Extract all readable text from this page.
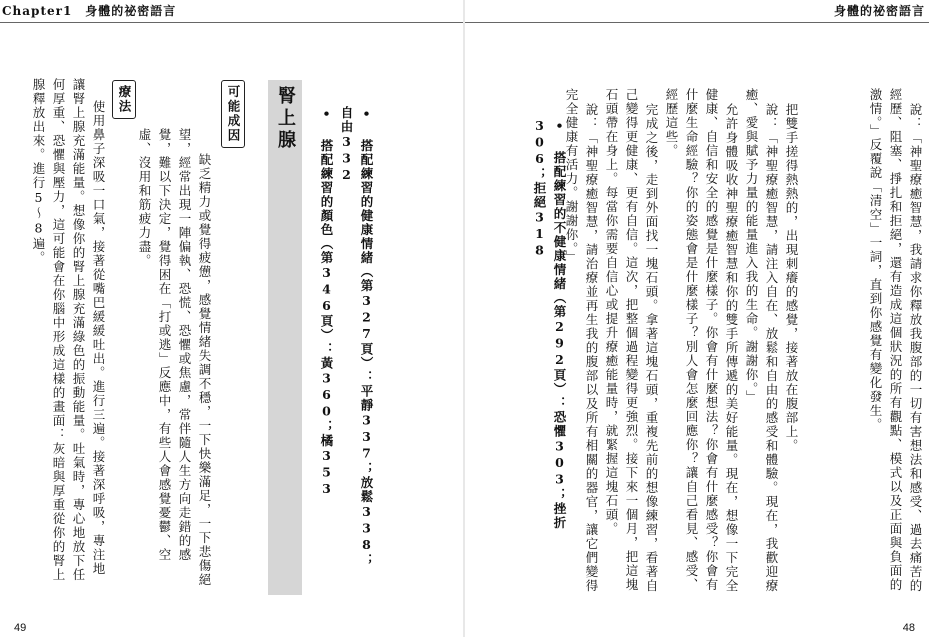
Chapter1　身體的祕密語言
腎上腺	• 搭配練習的健康情緒（第327頁）：平靜337；放鬆338；自由332
• 搭配練習的顏色（第346頁）：黃360；橘353
可能成因
缺乏精力或覺得疲憊，感覺情緒失調不穩，一下快樂滿足，一下悲傷絕望，經常出現一陣偏執、恐慌、恐懼或焦慮，常伴隨人生方向走錯的感覺，難以下決定，覺得困在「打或逃」反應中，有些人會感覺憂鬱、空虛、沒用和筋疲力盡。
療法
使用鼻子深吸一口氣，接著從嘴巴緩緩吐出。進行三遍。接著深呼吸，專注地讓腎上腺充滿能量。想像你的腎上腺充滿綠色的振動能量。吐氣時，專心地放下任何厚重、恐懼與壓力，這可能會在你腦中形成這樣的畫面：灰暗與厚重從你的腎上腺釋放出來。進行5～8遍。
49
身體的祕密語言
說：「神聖療癒智慧，我請求你釋放我腹部的一切有害想法和感受、過去痛苦的經歷、阻塞、掙扎和拒絕，還有造成這個狀況的所有觀點、模式以及正面與負面的激情。」反覆說「清空」一詞，直到你感覺有變化發生。
把雙手搓得熱熱的，出現刺癢的感覺，接著放在腹部上。
說：「神聖療癒智慧，請注入自在、放鬆和自由的感受和體驗。現在，我歡迎療癒、愛與賦予力量的能量進入我的生命。謝謝你。」
允許身體吸收神聖療癒智慧和你的雙手所傳遞的美好能量。現在，想像一下完全健康、自信和安全的感覺是什麼樣子。你會有什麼想法？你會有什麼感受？你會有什麼生命經驗？你的姿態會是什麼樣子？別人會怎麼回應你？讓自己看見、感受、經歷這些。
完成之後，走到外面找一塊石頭。拿著這塊石頭，重複先前的想像練習，看著自己變得更健康、更有自信。這次，把整個過程變得更強烈。接下來一個月，把這塊石頭帶在身上。每當你需要自信心或提升療癒能量時，就緊握這塊石頭。
說：「神聖療癒智慧，請治療並再生我的腹部以及所有相關的器官，讓它們變得完全健康有活力。謝謝你。」
• 搭配練習的不健康情緒（第292頁）：恐懼303；挫折306；拒絕318
48
